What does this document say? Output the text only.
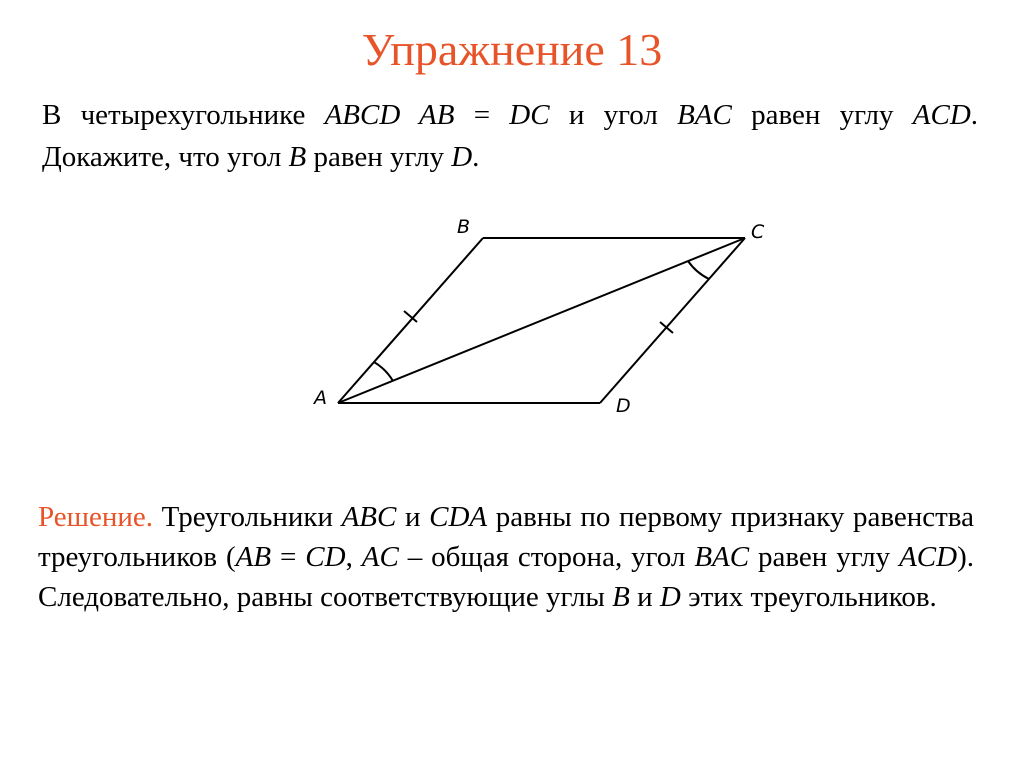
Упражнение 13
В четырехугольнике ABCD AB = DC и угол BAC равен углу ACD. Докажите, что угол B равен углу D.
B	C
A	D
Решение. Треугольники ABC и CDA равны по первому признаку равенства треугольников (AB = CD, AC – общая сторона, угол BAC равен углу ACD). Следовательно, равны соответствующие углы B и D этих треугольников.
